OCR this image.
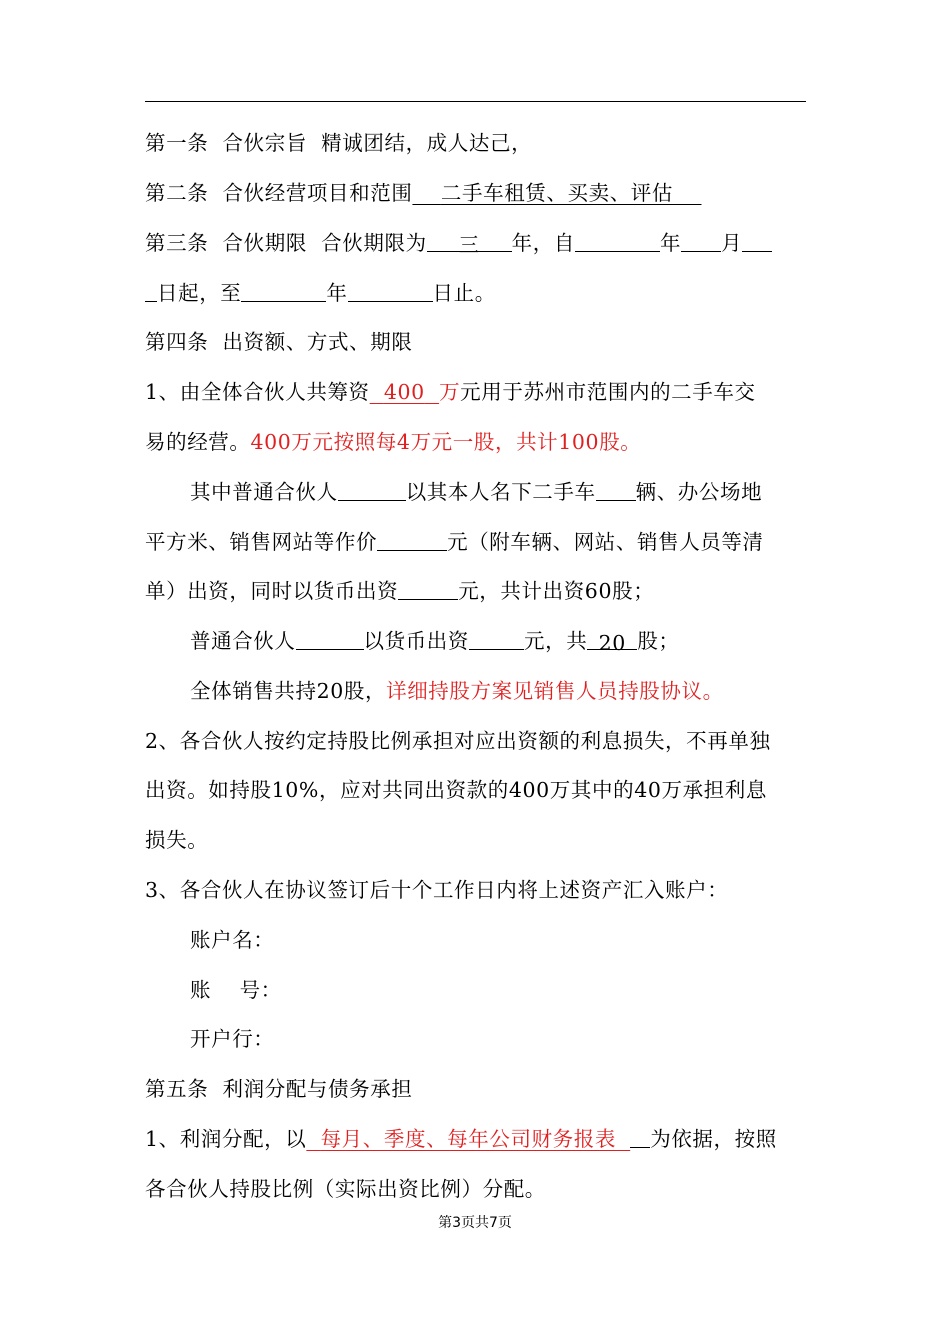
第一条  合伙宗旨  精诚团结，成人达己，
第二条  合伙经营项目和范围 二手车租赁、买卖、评估
第三条  合伙期限  合伙期限为 三 年，自	年 月
日起，至	年	日止。
第四条  出资额、方式、期限
1、由全体合伙人共筹资 400 万元用于苏州市范围内的二手车交
易的经营。400万元按照每4万元一股，共计100股。
其中普通合伙人	以其本人名下二手车 辆、办公场地
平方米、销售网站等作价	元（附车辆、网站、销售人员等清
单）出资，同时以货币出资	元，共计出资60股；
普通合伙人	以货币出资	元，共 20 股；
全体销售共持20股，详细持股方案见销售人员持股协议。
2、各合伙人按约定持股比例承担对应出资额的利息损失，不再单独
出资。如持股10%，应对共同出资款的400万其中的40万承担利息
损失。
3、各合伙人在协议签订后十个工作日内将上述资产汇入账户：
账户名：
账    号：
开户行：
第五条  利润分配与债务承担
1、利润分配，以 每月、季度、每年公司财务报表 为依据，按照
各合伙人持股比例（实际出资比例）分配。
第3页共7页
